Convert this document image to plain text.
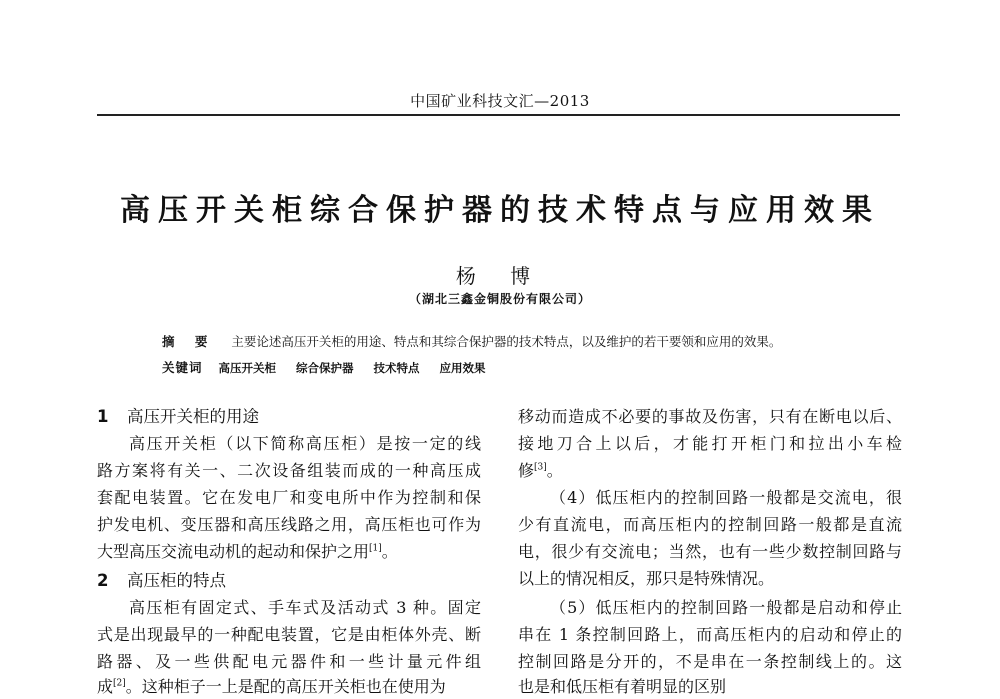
中国矿业科技文汇—2013
高压开关柜综合保护器的技术特点与应用效果
杨 博
（湖北三鑫金铜股份有限公司）
摘 要 主要论述高压开关柜的用途、特点和其综合保护器的技术特点，以及维护的若干要领和应用的效果。
关键词 高压开关柜 综合保护器 技术特点 应用效果
1 高压开关柜的用途
高压开关柜（以下简称高压柜）是按一定的线
路方案将有关一、二次设备组装而成的一种高压成
套配电装置。它在发电厂和变电所中作为控制和保
护发电机、变压器和高压线路之用，高压柜也可作为
大型高压交流电动机的起动和保护之用[1]。
2 高压柜的特点
高压柜有固定式、手车式及活动式 3 种。固定
式是出现最早的一种配电装置，它是由柜体外壳、断
路器、及一些供配电元器件和一些计量元件组
成[2]。这种柜子一上是配的高压开关柜也在使用为
移动而造成不必要的事故及伤害，只有在断电以后、
接地刀合上以后，才能打开柜门和拉出小车检
修[3]。
（4）低压柜内的控制回路一般都是交流电，很
少有直流电，而高压柜内的控制回路一般都是直流
电，很少有交流电；当然，也有一些少数控制回路与
以上的情况相反，那只是特殊情况。
（5）低压柜内的控制回路一般都是启动和停止
串在 1 条控制回路上，而高压柜内的启动和停止的
控制回路是分开的，不是串在一条控制线上的。这
也是和低压柜有着明显的区别
